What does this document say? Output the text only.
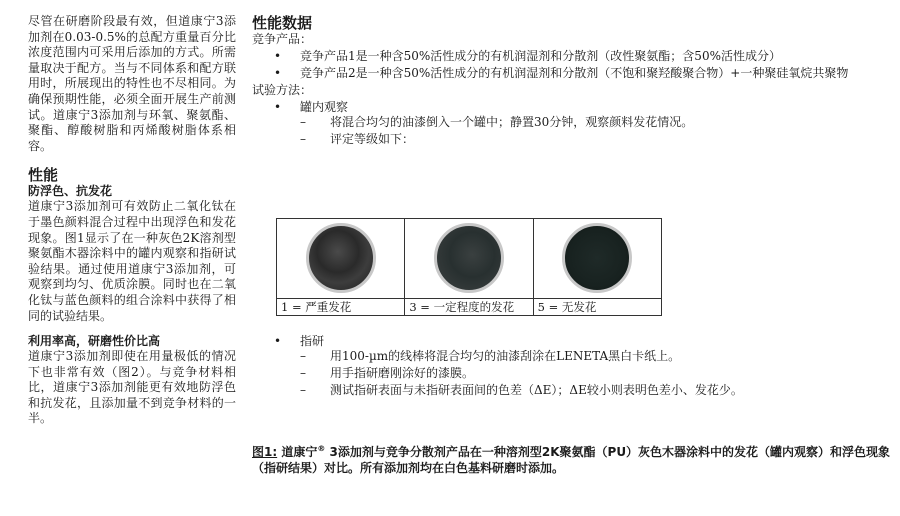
尽管在研磨阶段最有效，但道康宁3添加剂在0.03-0.5%的总配方重量百分比浓度范围内可采用后添加的方式。所需量取决于配方。当与不同体系和配方联用时，所展现出的特性也不尽相同。为确保预期性能，必须全面开展生产前测试。道康宁3添加剂与环氧、聚氨酯、聚酯、醇酸树脂和丙烯酸树脂体系相容。

性能
防浮色、抗发花

道康宁3添加剂可有效防止二氧化钛在于墨色颜料混合过程中出现浮色和发花现象。图1显示了在一种灰色2K溶剂型聚氨酯木器涂料中的罐内观察和指研试验结果。通过使用道康宁3添加剂，可观察到均匀、优质涂膜。同时也在二氧化钛与蓝色颜料的组合涂料中获得了相同的试验结果。

利用率高，研磨性价比高

道康宁3添加剂即使在用量极低的情况下也非常有效（图2）。与竞争材料相比，道康宁3添加剂能更有效地防浮色和抗发花，且添加量不到竞争材料的一半。

性能数据

竞争产品：

• 竞争产品1是一种含50%活性成分的有机润湿剂和分散剂（改性聚氨酯；含50%活性成分）
• 竞争产品2是一种含50%活性成分的有机润湿剂和分散剂（不饱和聚羟酸聚合物）+一种聚硅氧烷共聚物

试验方法：

• 罐内观察
– 将混合均匀的油漆倒入一个罐中；静置30分钟，观察颜料发花情况。
– 评定等级如下：
1 = 严重发花	3 = 一定程度的发花	5 = 无发花
• 指研
– 用100-µm的线棒将混合均匀的油漆刮涂在LENETA黑白卡纸上。
– 用手指研磨刚涂好的漆膜。
– 测试指研表面与未指研表面间的色差（ΔE）；ΔE较小则表明色差小、发花少。

图1: 道康宁® 3添加剂与竞争分散剂产品在一种溶剂型2K聚氨酯（PU）灰色木器涂料中的发花（罐内观察）和浮色现象（指研结果）对比。所有添加剂均在白色基料研磨时添加。
